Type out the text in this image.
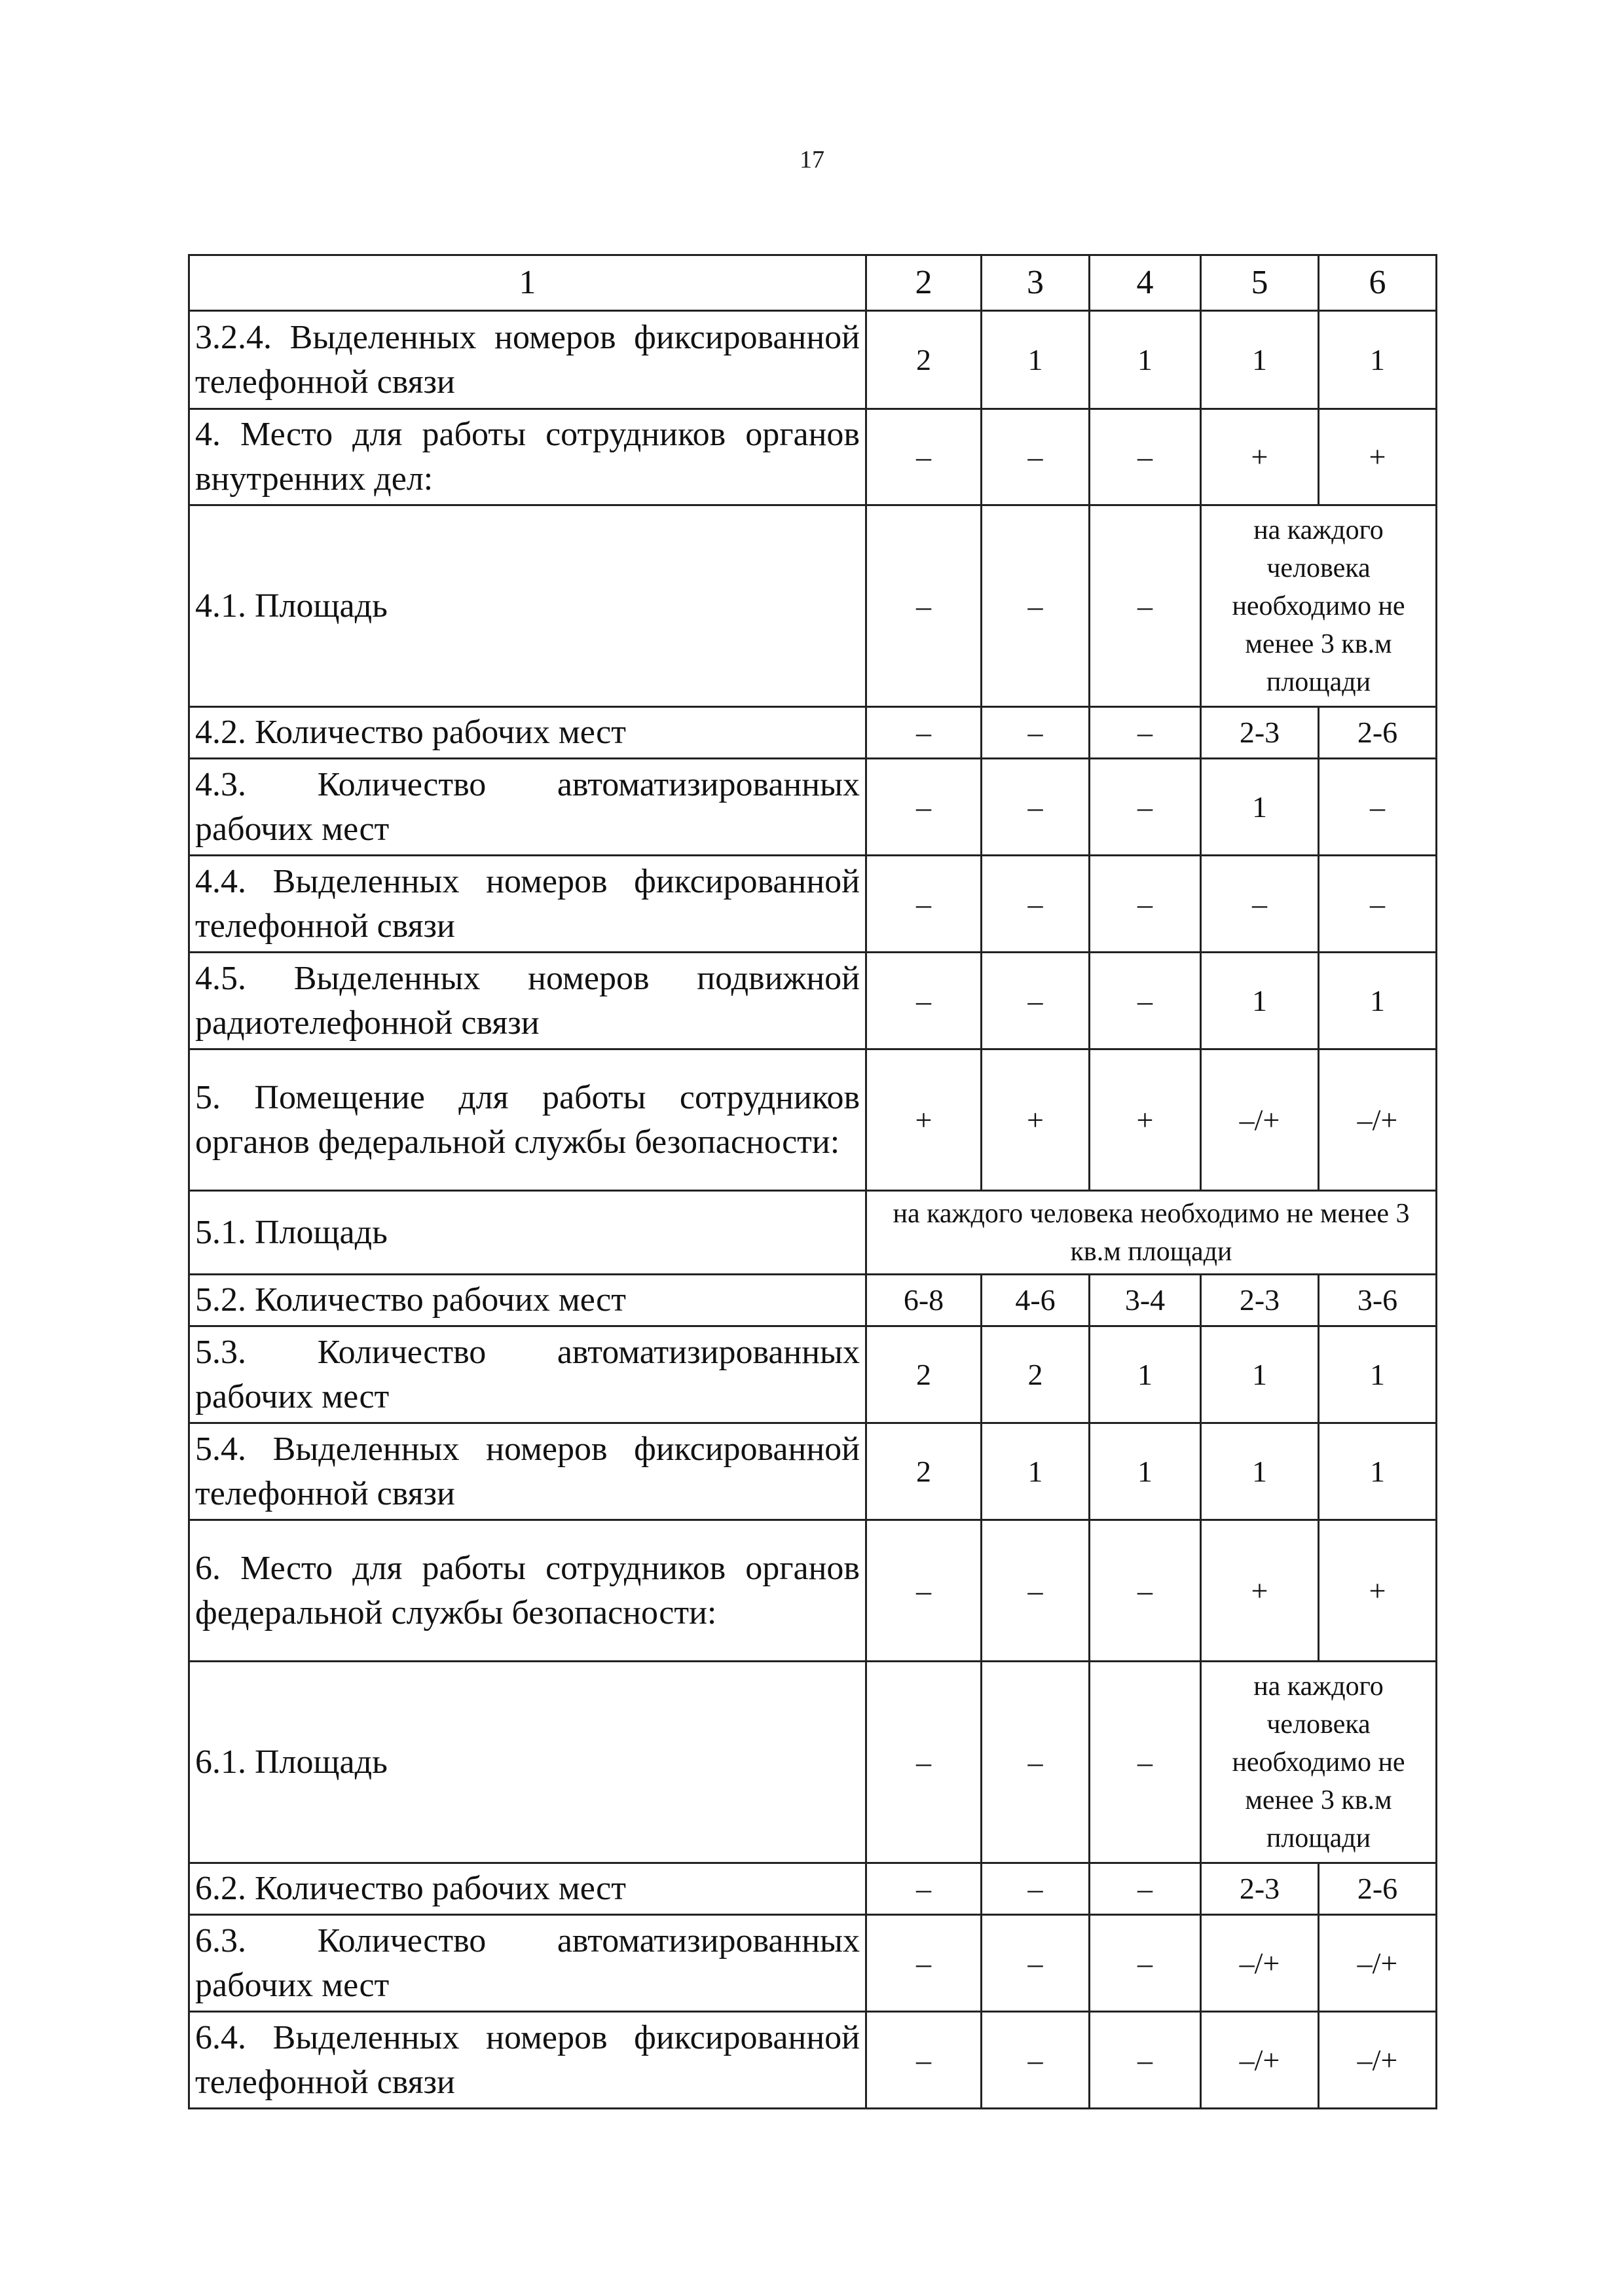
17
1	2	3	4	5	6
3.2.4. Выделенных номеров фиксированной телефонной связи	2	1	1	1	1
4. Место для работы сотрудников органов внутренних дел:	–	–	–	+	+
4.1. Площадь	–	–	–	на каждого человека необходимо не менее 3 кв.м площади	
4.2. Количество рабочих мест	–	–	–	2-3	2-6
4.3. Количество автоматизированных рабочих мест	–	–	–	1	–
4.4. Выделенных номеров фиксированной телефонной связи	–	–	–	–	–
4.5. Выделенных номеров подвижной радиотелефонной связи	–	–	–	1	1
5. Помещение для работы сотрудников органов федеральной службы безопасности:	+	+	+	–/+	–/+
5.1. Площадь	на каждого человека необходимо не менее 3 кв.м площади				
5.2. Количество рабочих мест	6-8	4-6	3-4	2-3	3-6
5.3. Количество автоматизированных рабочих мест	2	2	1	1	1
5.4. Выделенных номеров фиксированной телефонной связи	2	1	1	1	1
6. Место для работы сотрудников органов федеральной службы безопасности:	–	–	–	+	+
6.1. Площадь	–	–	–	на каждого человека необходимо не менее 3 кв.м площади	
6.2. Количество рабочих мест	–	–	–	2-3	2-6
6.3. Количество автоматизированных рабочих мест	–	–	–	–/+	–/+
6.4. Выделенных номеров фиксированной телефонной связи	–	–	–	–/+	–/+
